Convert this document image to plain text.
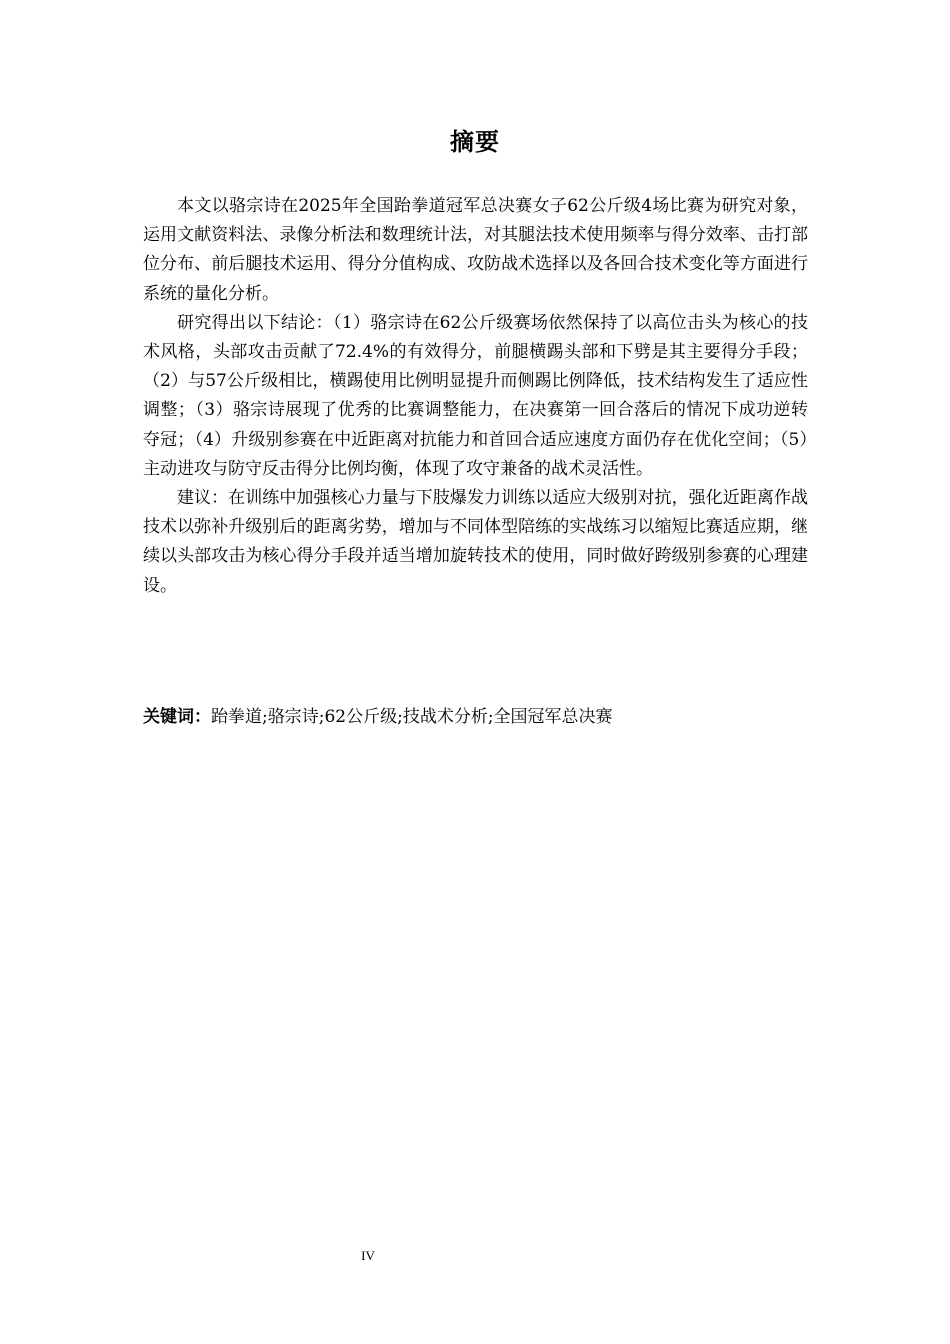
摘要

本文以骆宗诗在2025年全国跆拳道冠军总决赛女子62公斤级4场比赛为研究对象，运用文献资料法、录像分析法和数理统计法，对其腿法技术使用频率与得分效率、击打部位分布、前后腿技术运用、得分分值构成、攻防战术选择以及各回合技术变化等方面进行系统的量化分析。

研究得出以下结论：（1）骆宗诗在62公斤级赛场依然保持了以高位击头为核心的技术风格，头部攻击贡献了72.4%的有效得分，前腿横踢头部和下劈是其主要得分手段；（2）与57公斤级相比，横踢使用比例明显提升而侧踢比例降低，技术结构发生了适应性调整；（3）骆宗诗展现了优秀的比赛调整能力，在决赛第一回合落后的情况下成功逆转夺冠；（4）升级别参赛在中近距离对抗能力和首回合适应速度方面仍存在优化空间；（5）主动进攻与防守反击得分比例均衡，体现了攻守兼备的战术灵活性。

建议：在训练中加强核心力量与下肢爆发力训练以适应大级别对抗，强化近距离作战技术以弥补升级别后的距离劣势，增加与不同体型陪练的实战练习以缩短比赛适应期，继续以头部攻击为核心得分手段并适当增加旋转技术的使用，同时做好跨级别参赛的心理建设。

关键词：跆拳道;骆宗诗;62公斤级;技战术分析;全国冠军总决赛
IV
